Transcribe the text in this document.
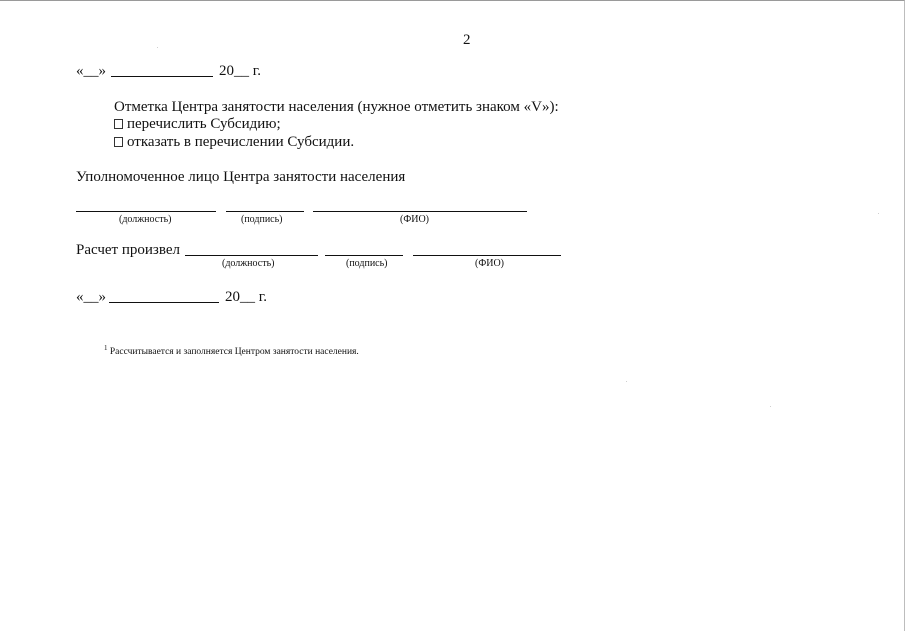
2
«__»	20__ г.
Отметка Центра занятости населения (нужное отметить знаком «V»):
перечислить Субсидию;
отказать в перечислении Субсидии.
Уполномоченное лицо Центра занятости населения
(должность)	(подпись)	(ФИО)
Расчет произвел
(должность)	(подпись)	(ФИО)
«__»	20__ г.
$^1$ Рассчитывается и заполняется Центром занятости населения.
